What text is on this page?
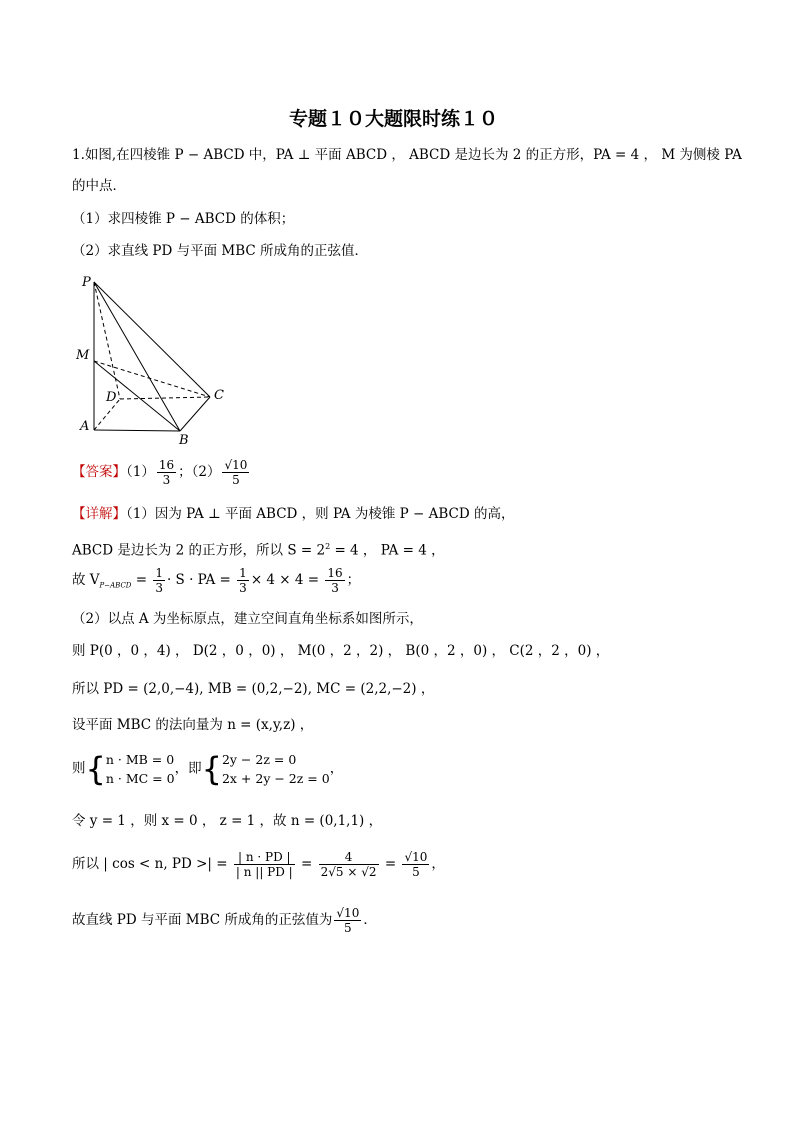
专题１０大题限时练１０
1.如图,在四棱锥 P − ABCD 中，PA ⊥ 平面 ABCD ， ABCD 是边长为 2 的正方形，PA = 4 ， M 为侧棱 PA
的中点．
（1）求四棱锥 P − ABCD 的体积；
（2）求直线 PD 与平面 MBC 所成角的正弦值．
P
M
D
A
B
C
【答案】$(1) \frac{16}{3}$ ；$(2) \frac{√10}{5}$
【详解】（1）因为 PA ⊥ 平面 ABCD ，则 PA 为棱锥 P − ABCD 的高，
ABCD 是边长为 2 的正方形，所以 $S = 2^2 = 4$ ， PA = 4 ，
故 $V_{P-ABCD} = \frac{1}{3} \cdot S$ · PA = $\frac{1}{3} \times 4 \times 4 = \frac{16}{3}$ ；
（2）以点 A 为坐标原点，建立空间直角坐标系如图所示，
则 P(0 ，0 ，4) ， D(2 ，0 ，0) ， M(0 ，2 ，2) ， B(0 ，2 ，0) ， C(2 ，2 ，0) ，
所以 PD = (2,0,−4), MB = (0,2,−2), MC = (2,2,−2) ，
设平面 MBC 的法向量为 n = (x,y,z) ，
则{ n · MB = 0
n · MC = 0
，即{ 2y − 2z = 0
2x + 2y − 2z = 0
，
令 y = 1 ，则 x = 0 ， z = 1 ，故 n = (0,1,1) ，
所以 | cos < n, PD >| = $\frac{| n \cdot PD |}{| n || PD |} = \frac{4}{2√5 \times √2} = \frac{√10}{5}$ ，
故直线 PD 与平面 MBC 所成角的正弦值为 $\frac{√10}{5}$ ．
